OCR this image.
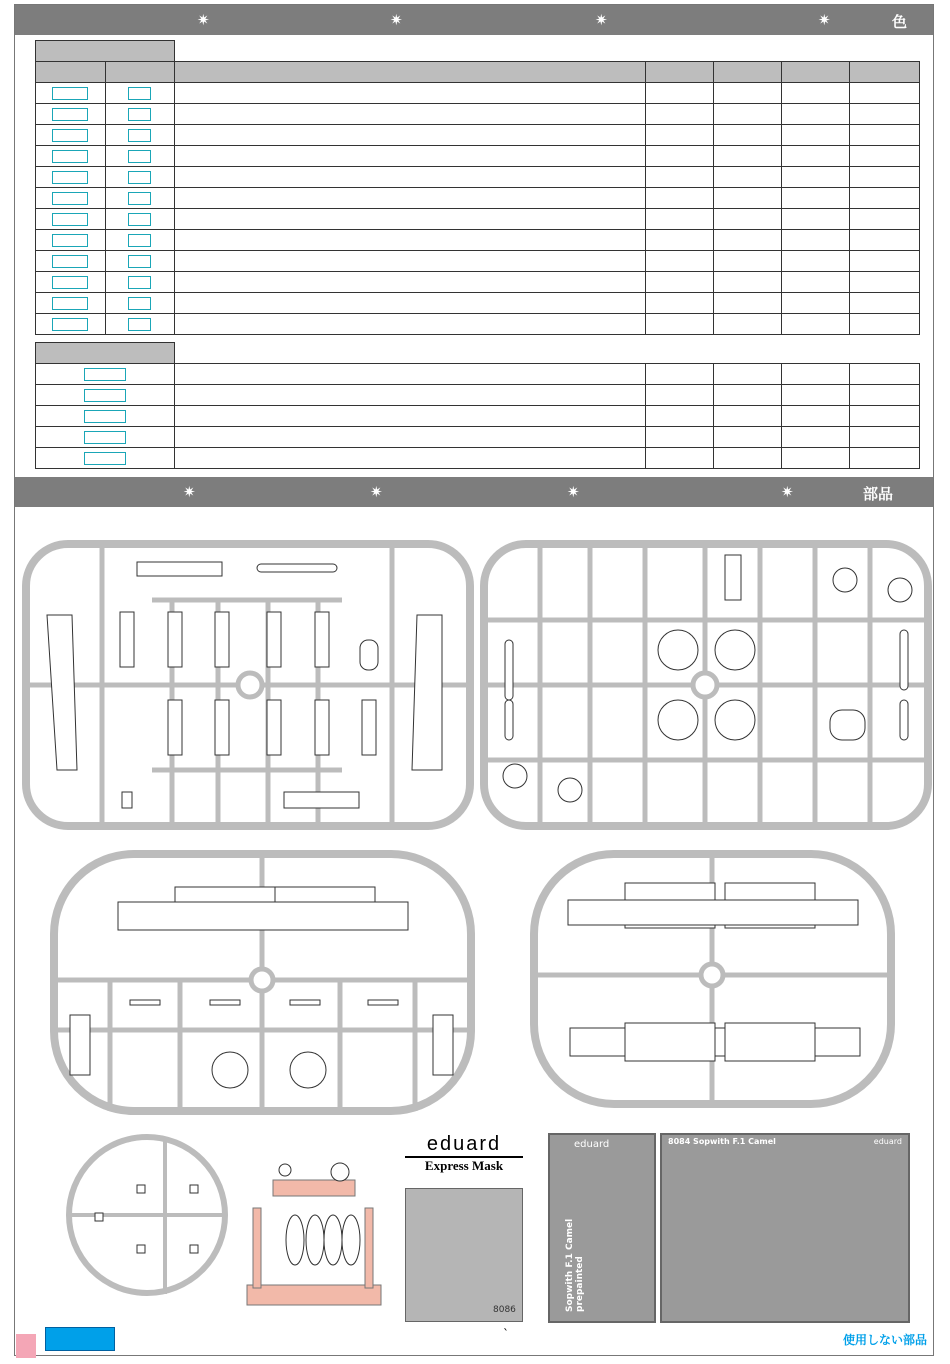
✷	✷	✷	✷	色

✷	✷	✷	✷	部品
eduard
Express Mask
8086
eduard
Sopwith F.1 Camel prepainted
8084 Sopwith F.1 Camel	eduard
`	使用しない部品
